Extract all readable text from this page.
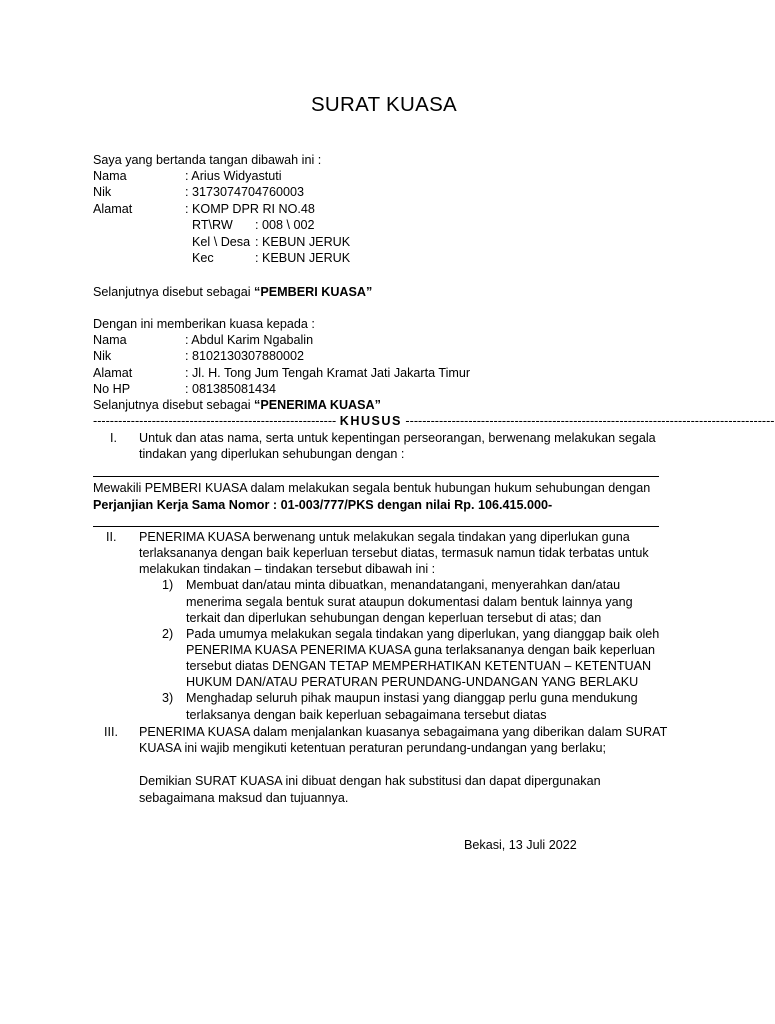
SURAT KUASA
Saya yang bertanda tangan dibawah ini :
Nama	: Arius Widyastuti
Nik	: 3173074704760003
Alamat	: KOMP DPR RI NO.48
RT\RW : 008 \ 002
Kel \ Desa : KEBUN JERUK
Kec	: KEBUN JERUK
Selanjutnya disebut sebagai “PEMBERI KUASA”
Dengan ini memberikan kuasa kepada :
Nama	: Abdul Karim Ngabalin
Nik	: 8102130307880002
Alamat	: Jl. H. Tong Jum Tengah Kramat Jati Jakarta Timur
No HP	: 081385081434
Selanjutnya disebut sebagai “PENERIMA KUASA”
---------------------------------------------------------- KHUSUS ----------------------------------------------------------------------------------------
I. Untuk dan atas nama, serta untuk kepentingan perseorangan, berwenang melakukan segala
tindakan yang diperlukan sehubungan dengan :
Mewakili PEMBERI KUASA dalam melakukan segala bentuk hubungan hukum sehubungan dengan
Perjanjian Kerja Sama Nomor : 01-003/777/PKS dengan nilai Rp. 106.415.000-
II. PENERIMA KUASA berwenang untuk melakukan segala tindakan yang diperlukan guna
terlaksananya dengan baik keperluan tersebut diatas, termasuk namun tidak terbatas untuk
melakukan tindakan – tindakan tersebut dibawah ini :
1) Membuat dan/atau minta dibuatkan, menandatangani, menyerahkan dan/atau
menerima segala bentuk surat ataupun dokumentasi dalam bentuk lainnya yang
terkait dan diperlukan sehubungan dengan keperluan tersebut di atas; dan
2) Pada umumya melakukan segala tindakan yang diperlukan, yang dianggap baik oleh
PENERIMA KUASA PENERIMA KUASA guna terlaksananya dengan baik keperluan
tersebut diatas DENGAN TETAP MEMPERHATIKAN KETENTUAN – KETENTUAN
HUKUM DAN/ATAU PERATURAN PERUNDANG-UNDANGAN YANG BERLAKU
3) Menghadap seluruh pihak maupun instasi yang dianggap perlu guna mendukung
terlaksanya dengan baik keperluan sebagaimana tersebut diatas
III. PENERIMA KUASA dalam menjalankan kuasanya sebagaimana yang diberikan dalam SURAT
KUASA ini wajib mengikuti ketentuan peraturan perundang-undangan yang berlaku;
Demikian SURAT KUASA ini dibuat dengan hak substitusi dan dapat dipergunakan
sebagaimana maksud dan tujuannya.
Bekasi, 13 Juli 2022
